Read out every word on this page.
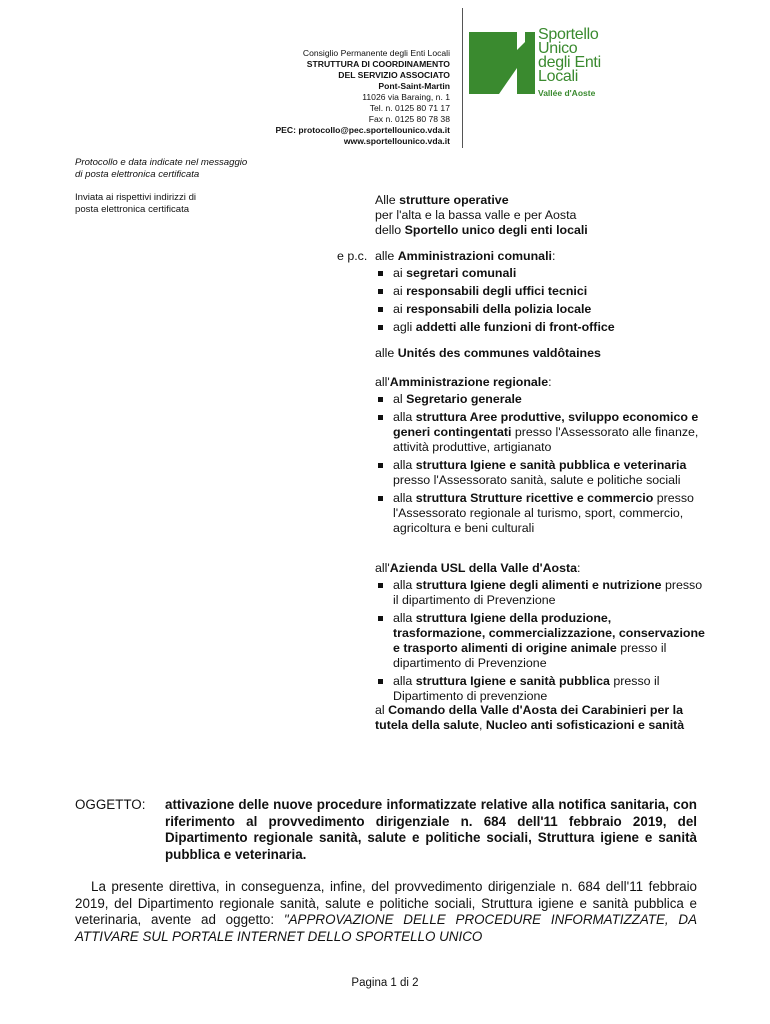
Consiglio Permanente degli Enti Locali
STRUTTURA DI COORDINAMENTO
DEL SERVIZIO ASSOCIATO
Pont-Saint-Martin
11026 via Baraing, n. 1
Tel. n. 0125 80 71 17
Fax n. 0125 80 78 38
PEC: protocollo@pec.sportellounico.vda.it
www.sportellounico.vda.it
Sportello
Unico
degli Enti
Locali
Vallée d'Aoste
Protocollo e data indicate nel messaggio
di posta elettronica certificata
Inviata ai rispettivi indirizzi di
posta elettronica certificata
Alle strutture operative
per l'alta e la bassa valle e per Aosta
dello Sportello unico degli enti locali
e p.c. alle Amministrazioni comunali:
ai segretari comunali
ai responsabili degli uffici tecnici
ai responsabili della polizia locale
agli addetti alle funzioni di front-office
alle Unités des communes valdôtaines
all'Amministrazione regionale:
al Segretario generale
alla struttura Aree produttive, sviluppo economico e generi contingentati presso l'Assessorato alle finanze, attività produttive, artigianato
alla struttura Igiene e sanità pubblica e veterinaria presso l'Assessorato sanità, salute e politiche sociali
alla struttura Strutture ricettive e commercio presso l'Assessorato regionale al turismo, sport, commercio, agricoltura e beni culturali
all'Azienda USL della Valle d'Aosta:
alla struttura Igiene degli alimenti e nutrizione presso il dipartimento di Prevenzione
alla struttura Igiene della produzione, trasformazione, commercializzazione, conservazione e trasporto alimenti di origine animale presso il dipartimento di Prevenzione
alla struttura Igiene e sanità pubblica presso il Dipartimento di prevenzione
al Comando della Valle d'Aosta dei Carabinieri per la tutela della salute, Nucleo anti sofisticazioni e sanità
OGGETTO: attivazione delle nuove procedure informatizzate relative alla notifica sanitaria, con riferimento al provvedimento dirigenziale n. 684 dell'11 febbraio 2019, del Dipartimento regionale sanità, salute e politiche sociali, Struttura igiene e sanità pubblica e veterinaria.
La presente direttiva, in conseguenza, infine, del provvedimento dirigenziale n. 684 dell'11 febbraio 2019, del Dipartimento regionale sanità, salute e politiche sociali, Struttura igiene e sanità pubblica e veterinaria, avente ad oggetto: "APPROVAZIONE DELLE PROCEDURE INFORMATIZZATE, DA ATTIVARE SUL PORTALE INTERNET DELLO SPORTELLO UNICO
Pagina 1 di 2
